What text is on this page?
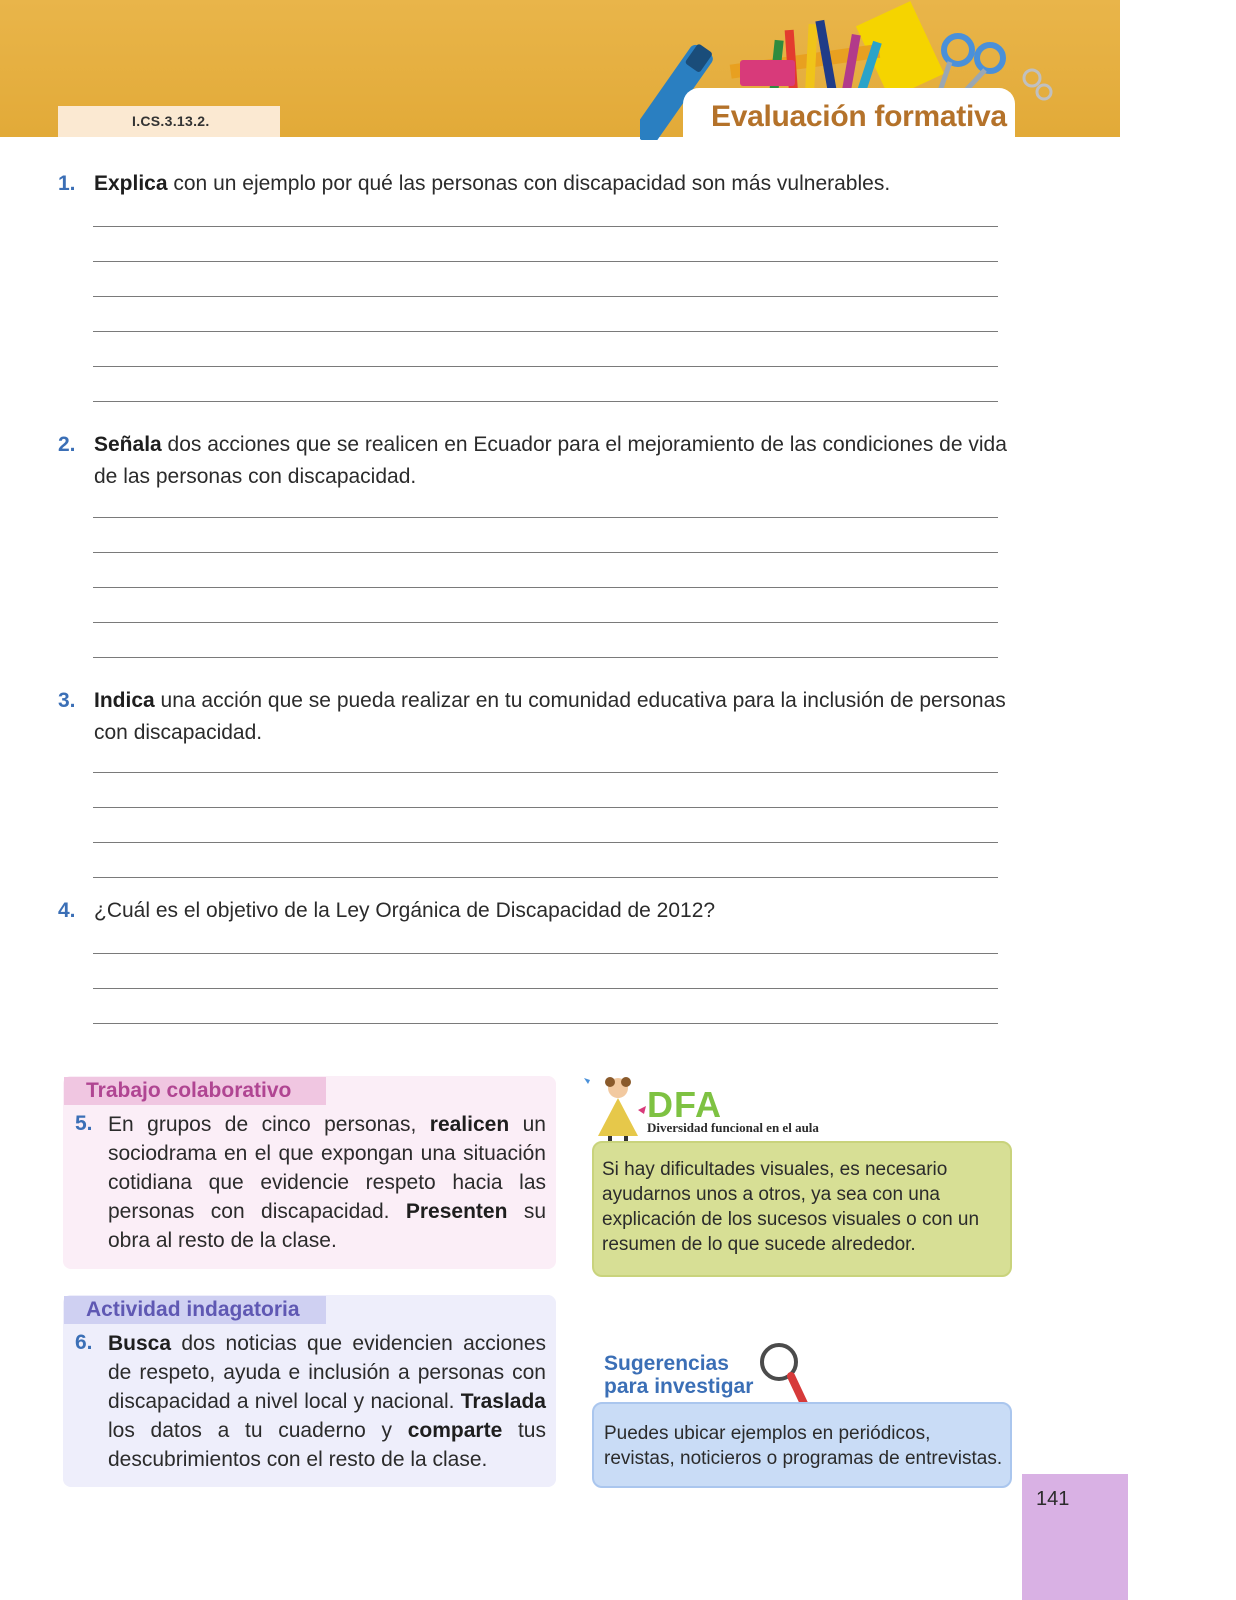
I.CS.3.13.2.	Evaluación formativa
1. Explica con un ejemplo por qué las personas con discapacidad son más vulnerables.
2. Señala dos acciones que se realicen en Ecuador para el mejoramiento de las condiciones de vida de las personas con discapacidad.
3. Indica una acción que se pueda realizar en tu comunidad educativa para la inclusión de personas con discapacidad.
4. ¿Cuál es el objetivo de la Ley Orgánica de Discapacidad de 2012?
Trabajo colaborativo
5. En grupos de cinco personas, realicen un sociodrama en el que expongan una situación cotidiana que evidencie respeto hacia las personas con discapacidad. Presenten su obra al resto de la clase.
Actividad indagatoria
6. Busca dos noticias que evidencien acciones de respeto, ayuda e inclusión a personas con discapacidad a nivel local y nacional. Traslada los datos a tu cuaderno y comparte tus descubrimientos con el resto de la clase.
DFA
Diversidad funcional en el aula

Si hay dificultades visuales, es necesario ayudarnos unos a otros, ya sea con una explicación de los sucesos visuales o con un resumen de lo que sucede alrededor.

Sugerencias
para investigar

Puedes ubicar ejemplos en periódicos, revistas, noticieros o programas de entrevistas.

141
